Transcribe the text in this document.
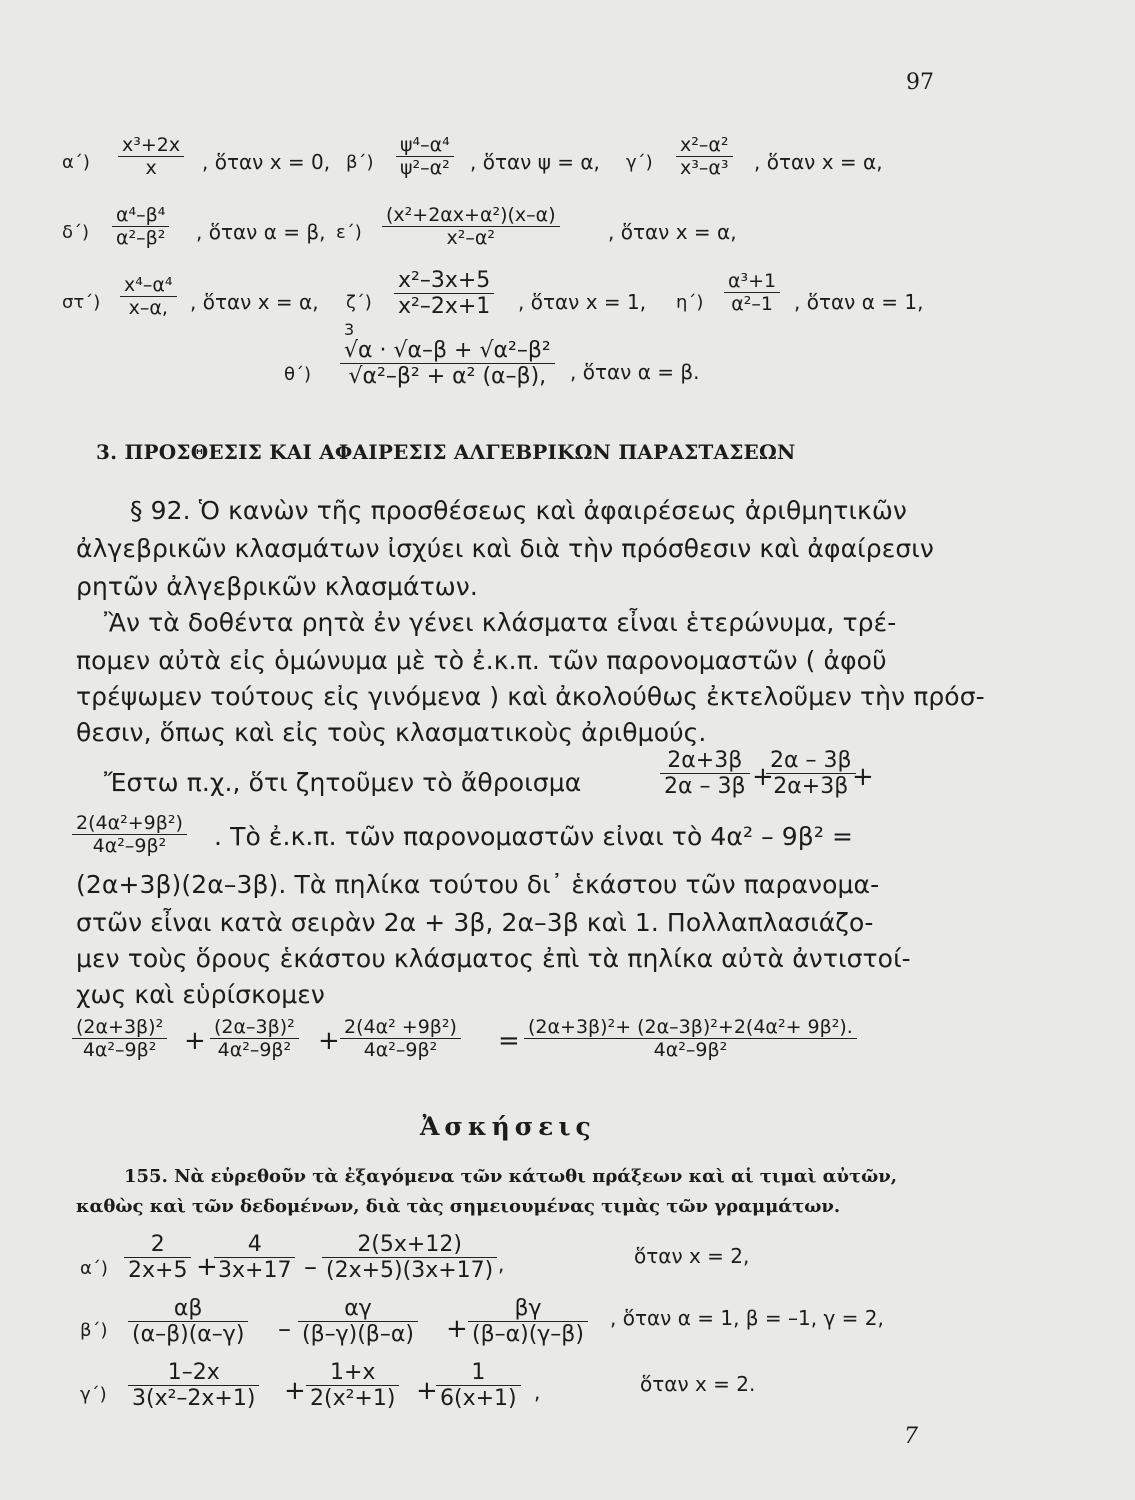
97
$\alpha΄) \frac{\text{x³+2x}}{x}$ , ὅταν x = 0, $\beta΄) \frac{\text{ψ⁴–α⁴}}{\text{ψ²–α²}}$ , ὅταν ψ = α, $\gamma΄) \frac{\text{x²–α²}}{\text{x³–α³}}$ , ὅταν x = α,
$\delta΄) \frac{\text{α⁴–β⁴}}{\text{α²–β²}}$ , ὅταν α = β, $\varepsilon΄) \frac{\text{(x²+2αx+α²)(x–α)}}{\text{x²–α²}}$ , ὅταν x = α,
$\sigma\tau΄) \frac{\text{x⁴–α⁴}}{x-\alpha,}$ , ὅταν x = α, $\zeta΄) \frac{\text{x²–3x+5}}{\text{x²–2x+1}}$ , ὅταν x = 1, $\eta΄) \frac{\text{α³+1}}{\text{α²–1}}$ , ὅταν α = 1,
3
$\theta΄) \frac{\text{√α · √α–β + √α²–β²}}{\text{√α²–β² + α² (α–β),}}$ , ὅταν α = β.
3. ΠΡΟΣΘΕΣΙΣ ΚΑΙ ΑΦΑΙΡΕΣΙΣ ΑΛΓΕΒΡΙΚΩΝ ΠΑΡΑΣΤΑΣΕΩΝ
§ 92. Ὁ κανὼν τῆς προσθέσεως καὶ ἀφαιρέσεως ἀριθμητικῶν
ἀλγεβρικῶν κλασμάτων ἰσχύει καὶ διὰ τὴν πρόσθεσιν καὶ ἀφαίρεσιν
ρητῶν ἀλγεβρικῶν κλασμάτων.
Ἂν τὰ δοθέντα ρητὰ ἐν γένει κλάσματα εἶναι ἑτερώνυμα, τρέ-
πομεν αὐτὰ εἰς ὁμώνυμα μὲ τὸ ἐ.κ.π. τῶν παρονομαστῶν ( ἀφοῦ
τρέψωμεν τούτους εἰς γινόμενα ) καὶ ἀκολούθως ἐκτελοῦμεν τὴν πρόσ-
θεσιν, ὅπως καὶ εἰς τοὺς κλασματικοὺς ἀριθμούς.
Ἔστω π.χ., ὅτι ζητοῦμεν τὸ ἄθροισμα	$\frac{2\alpha+3\beta}{2\alpha - 3\beta}$ +
$\frac{2\alpha - 3\beta}{2\alpha+3\beta}$
+
$\frac{\text{2(4α²+9β²)}}{\text{4α²–9β²}}$ . Τὸ ἐ.κ.π. τῶν παρονομαστῶν εἰναι τὸ 4α² – 9β² =
(2α+3β)(2α–3β). Τὰ πηλίκα τούτου δι᾽ ἑκάστου τῶν παρανομα-
στῶν εἶναι κατὰ σειρὰν 2α + 3β, 2α–3β καὶ 1. Πολλαπλασιάζο-
μεν τοὺς ὅρους ἑκάστου κλάσματος ἐπὶ τὰ πηλίκα αὐτὰ ἀντιστοί-
χως καὶ εὑρίσκομεν
$\frac{\text{(2α+3β)²}}{\text{4α²–9β²}} + \frac{\text{(2α–3β)²}}{\text{4α²–9β²}} + \frac{\text{2(4α² +9β²)}}{\text{4α²–9β²}} = \frac{\text{(2α+3β)²+ (2α–3β)²+2(4α²+ 9β²).}}{\text{4α²–9β²}}$
Ἀσκήσεις
155. Νὰ εὑρεθοῦν τὰ ἐξαγόμενα τῶν κάτωθι πράξεων καὶ αἱ τιμαὶ αὐτῶν,
καθὼς καὶ τῶν δεδομένων, διὰ τὰς σημειουμένας τιμὰς τῶν γραμμάτων.
$\alpha΄) \frac{2}{2x+5}$ +
$\frac{4}{3x+17} - \frac{2(5x+12)}{(2x+5)(3x+17)}$ ,	ὅταν x = 2,
$\beta΄) \frac{\alpha\beta}{(\alpha-\beta)(\alpha-\gamma)} - \frac{\alpha\gamma}{(\beta-\gamma)(\beta-\alpha)} + \frac{\beta\gamma}{(\beta-\alpha)(\gamma-\beta)}$ , ὅταν α = 1, β = –1, γ = 2,
$\gamma΄) \frac{1-2x}{\text{3(x²–2x+1)}} + \frac{1+x}{\text{2(x²+1)}}$ +
$\frac{1}{6(x+1)}$ ,	ὅταν x = 2.
7
